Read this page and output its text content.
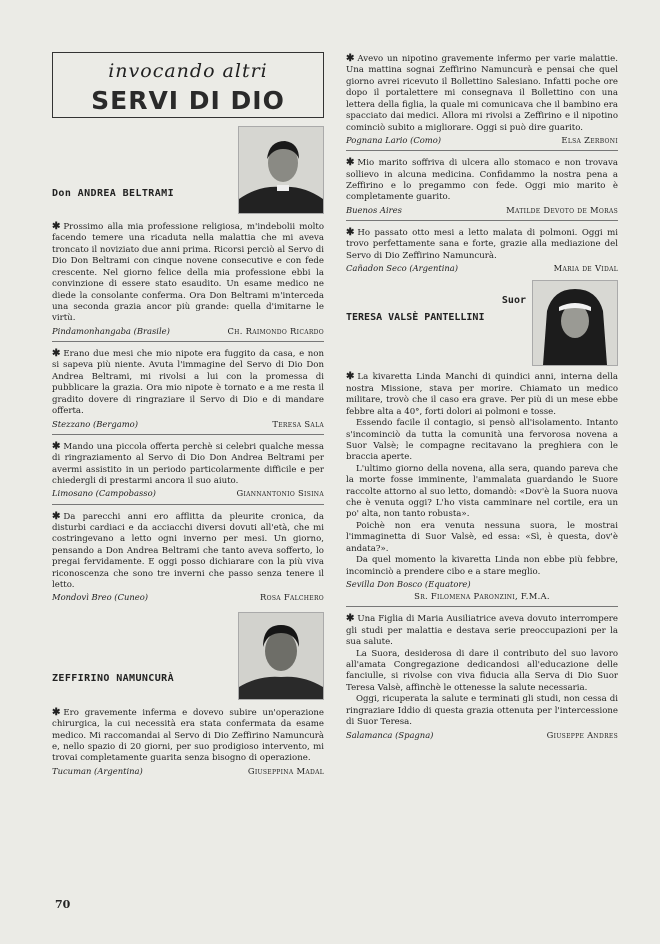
invocando altri
SERVI DI DIO
Don ANDREA BELTRAMI

✱ Prossimo alla mia professione religiosa, m'indebolii molto facendo temere una ricaduta nella malattia che mi aveva troncato il noviziato due anni prima. Ricorsi perciò al Servo di Dio Don Beltrami con cinque novene consecutive e con fede crescente. Nel giorno felice della mia professione ebbi la convinzione di essere stato esaudito. Un esame medico ne diede la consolante conferma. Ora Don Beltrami m'interceda una seconda grazia ancor più grande: quella d'imitarne le virtù.

Pindamonhangaba (Brasile)	Ch. Raimondo Ricardo

✱ Erano due mesi che mio nipote era fuggito da casa, e non si sapeva più niente. Avuta l'immagine del Servo di Dio Don Andrea Beltrami, mi rivolsi a lui con la promessa di pubblicare la grazia. Ora mio nipote è tornato e a me resta il gradito dovere di ringraziare il Servo di Dio e di mandare offerta.

Stezzano (Bergamo)	Teresa Sala

✱ Mando una piccola offerta perchè si celebri qualche messa di ringraziamento al Servo di Dio Don Andrea Beltrami per avermi assistito in un periodo particolarmente difficile e per chiedergli di prestarmi ancora il suo aiuto.

Limosano (Campobasso)	Giannantonio Sisina

✱ Da parecchi anni ero afflitta da pleurite cronica, da disturbi cardiaci e da acciacchi diversi dovuti all'età, che mi costringevano a letto ogni inverno per mesi. Un giorno, pensando a Don Andrea Beltrami che tanto aveva sofferto, lo pregai fervidamente. E oggi posso dichiarare con la più viva riconoscenza che sono tre inverni che passo senza tenere il letto.

Mondovì Breo (Cuneo)	Rosa Falchero
ZEFFIRINO NAMUNCURÀ

✱ Ero gravemente inferma e dovevo subire un'operazione chirurgica, la cui necessità era stata confermata da esame medico. Mi raccomandai al Servo di Dio Zeffirino Namuncurà e, nello spazio di 20 giorni, per suo prodigioso intervento, mi trovai completamente guarita senza bisogno di operazione.

Tucuman (Argentina)	Giuseppina Madal

✱ Avevo un nipotino gravemente infermo per varie malattie. Una mattina sognai Zeffirino Namuncurà e pensai che quel giorno avrei ricevuto il Bollettino Salesiano. Infatti poche ore dopo il portalettere mi consegnava il Bollettino con una lettera della figlia, la quale mi comunicava che il bambino era spacciato dai medici. Allora mi rivolsi a Zeffirino e il nipotino cominciò subito a migliorare. Oggi si può dire guarito.

Pognana Lario (Como)	Elsa Zerboni

✱ Mio marito soffriva di ulcera allo stomaco e non trovava sollievo in alcuna medicina. Confidammo la nostra pena a Zeffirino e lo pregammo con fede. Oggi mio marito è completamente guarito.

Buenos Aires	Matilde Devoto de Moras

✱ Ho passato otto mesi a letto malata di polmoni. Oggi mi trovo perfettamente sana e forte, grazie alla mediazione del Servo di Dio Zeffirino Namuncurà.

Cañadon Seco (Argentina)	Maria de Vidal
Suor
TERESA VALSÈ PANTELLINI

✱ La kivaretta Linda Manchi di quindici anni, interna della nostra Missione, stava per morire. Chiamato un medico militare, trovò che il caso era grave. Per più di un mese ebbe febbre alta a 40°, forti dolori ai polmoni e tosse.

Essendo facile il contagio, si pensò all'isolamento. Intanto s'incominciò da tutta la comunità una fervorosa novena a Suor Valsè; le compagne recitavano la preghiera con le braccia aperte.

L'ultimo giorno della novena, alla sera, quando pareva che la morte fosse imminente, l'ammalata guardando le Suore raccolte attorno al suo letto, domandò: «Dov'è la Suora nuova che è venuta oggi? L'ho vista camminare nel cortile, era un po' alta, non tanto robusta».

Poichè non era venuta nessuna suora, le mostrai l'immaginetta di Suor Valsè, ed essa: «Sì, è questa, dov'è andata?».

Da quel momento la kivaretta Linda non ebbe più febbre, incominciò a prendere cibo e a stare meglio.

Sevilla Don Bosco (Equatore)
Sr. Filomena Paronzini, F.M.A.

✱ Una Figlia di Maria Ausiliatrice aveva dovuto interrompere gli studi per malattia e destava serie preoccupazioni per la sua salute.

La Suora, desiderosa di dare il contributo del suo lavoro all'amata Congregazione dedicandosi all'educazione delle fanciulle, si rivolse con viva fiducia alla Serva di Dio Suor Teresa Valsè, affinchè le ottenesse la salute necessaria.

Oggi, ricuperata la salute e terminati gli studi, non cessa di ringraziare Iddio di questa grazia ottenuta per l'intercessione di Suor Teresa.

Salamanca (Spagna)	Giuseppe Andres
70
